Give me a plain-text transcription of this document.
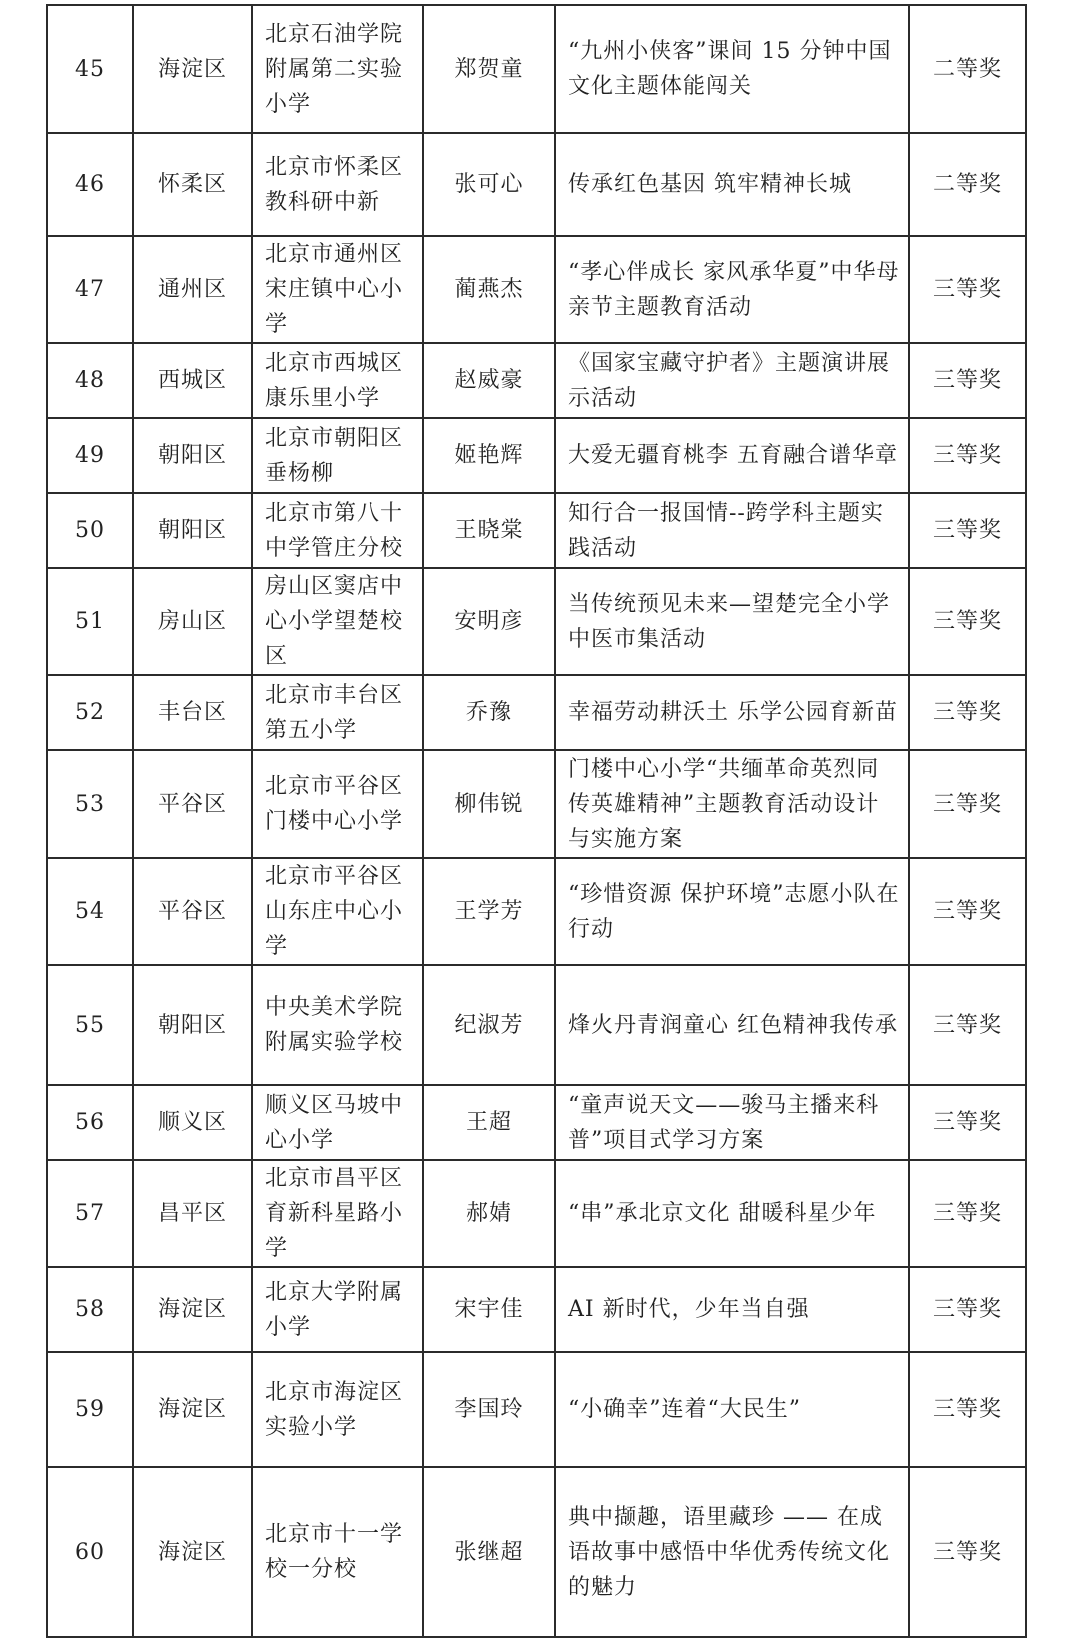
45	海淀区	北京石油学院附属第二实验小学	郑贺童	“九州小侠客”课间 15 分钟中国文化主题体能闯关	二等奖
46	怀柔区	北京市怀柔区教科研中新	张可心	传承红色基因 筑牢精神长城	二等奖
47	通州区	北京市通州区宋庄镇中心小学	蔺燕杰	“孝心伴成长 家风承华夏”中华母亲节主题教育活动	三等奖
48	西城区	北京市西城区康乐里小学	赵威豪	《国家宝藏守护者》主题演讲展示活动	三等奖
49	朝阳区	北京市朝阳区垂杨柳	姬艳辉	大爱无疆育桃李 五育融合谱华章	三等奖
50	朝阳区	北京市第八十中学管庄分校	王晓棠	知行合一报国情--跨学科主题实践活动	三等奖
51	房山区	房山区窦店中心小学望楚校区	安明彦	当传统预见未来—望楚完全小学中医市集活动	三等奖
52	丰台区	北京市丰台区第五小学	乔豫	幸福劳动耕沃土 乐学公园育新苗	三等奖
53	平谷区	北京市平谷区门楼中心小学	柳伟锐	门楼中心小学“共缅革命英烈同传英雄精神”主题教育活动设计与实施方案	三等奖
54	平谷区	北京市平谷区山东庄中心小学	王学芳	“珍惜资源 保护环境”志愿小队在行动	三等奖
55	朝阳区	中央美术学院附属实验学校	纪淑芳	烽火丹青润童心 红色精神我传承	三等奖
56	顺义区	顺义区马坡中心小学	王超	“童声说天文——骏马主播来科普”项目式学习方案	三等奖
57	昌平区	北京市昌平区育新科星路小学	郝婧	“串”承北京文化 甜暖科星少年	三等奖
58	海淀区	北京大学附属小学	宋宇佳	AI 新时代，少年当自强	三等奖
59	海淀区	北京市海淀区实验小学	李国玲	“小确幸”连着“大民生”	三等奖
60	海淀区	北京市十一学校一分校	张继超	典中撷趣，语里藏珍 —— 在成语故事中感悟中华优秀传统文化的魅力	三等奖
